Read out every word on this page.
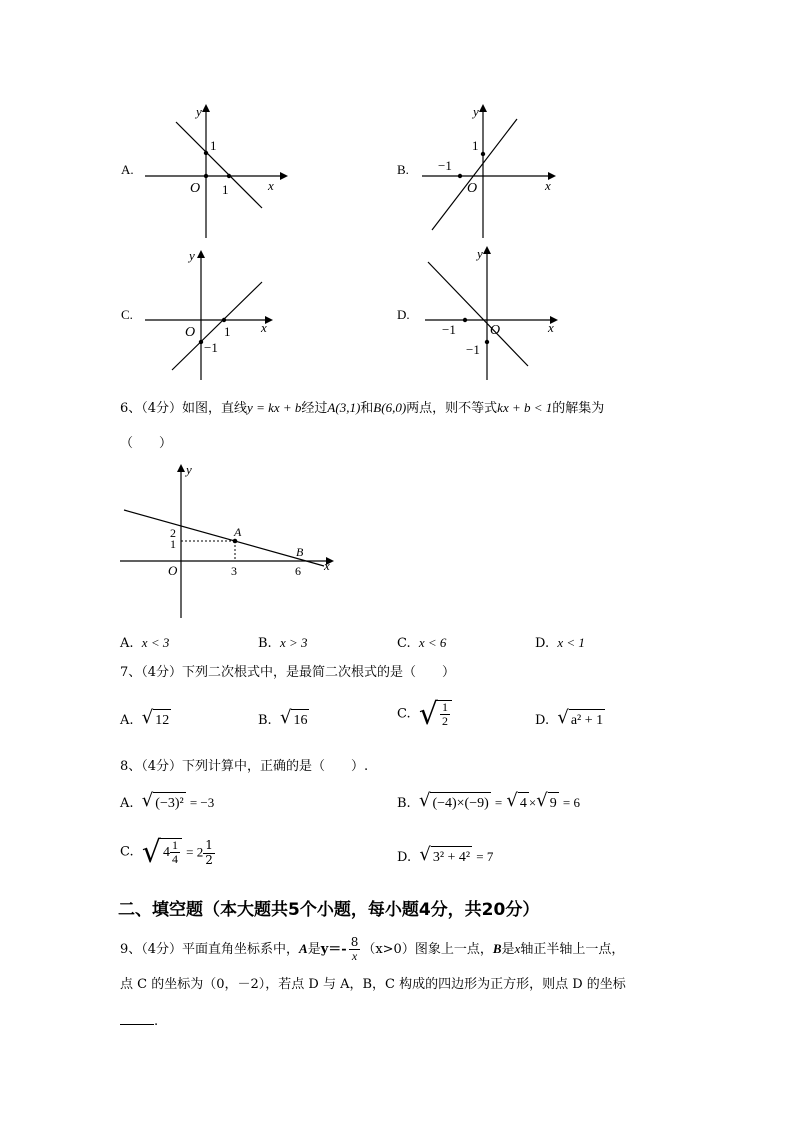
A.
1
1
O	x
y
B.
1
−1
O	x
y
C.
1
−1
O	x
y
D.
−1
−1
O	x
y
6、（4分）如图，直线y = kx + b经过A(3,1)和B(6,0)两点，则不等式kx + b < 1的解集为
（　　）
y
x
O
2
1
3	6
A
B
A. x < 3	B. x > 3	C. x < 6	D. x < 1
7、（4分）下列二次根式中，是最简二次根式的是（　　）
A. √ 12	B. √ 16	C. √ $\frac{1}{2}$	D. √ a² + 1
8、（4分）下列计算中，正确的是（　　）.
A. √ (−3)² = −3	B. √ (−4)×(−9) = √ 4 × √ 9 = 6
C. √ $4 \frac{1}{4} = 2 \frac{1}{2}$	D. √ 3² + 4² = 7
二、填空题（本大题共5个小题，每小题4分，共20分）
9、（4分）平面直角坐标系中，A是$y=- \frac{8}{x} (x>0)$图象上一点，B是x轴正半轴上一点，
点 C 的坐标为（0，－2），若点 D 与 A，B，C 构成的四边形为正方形，则点 D 的坐标
.
